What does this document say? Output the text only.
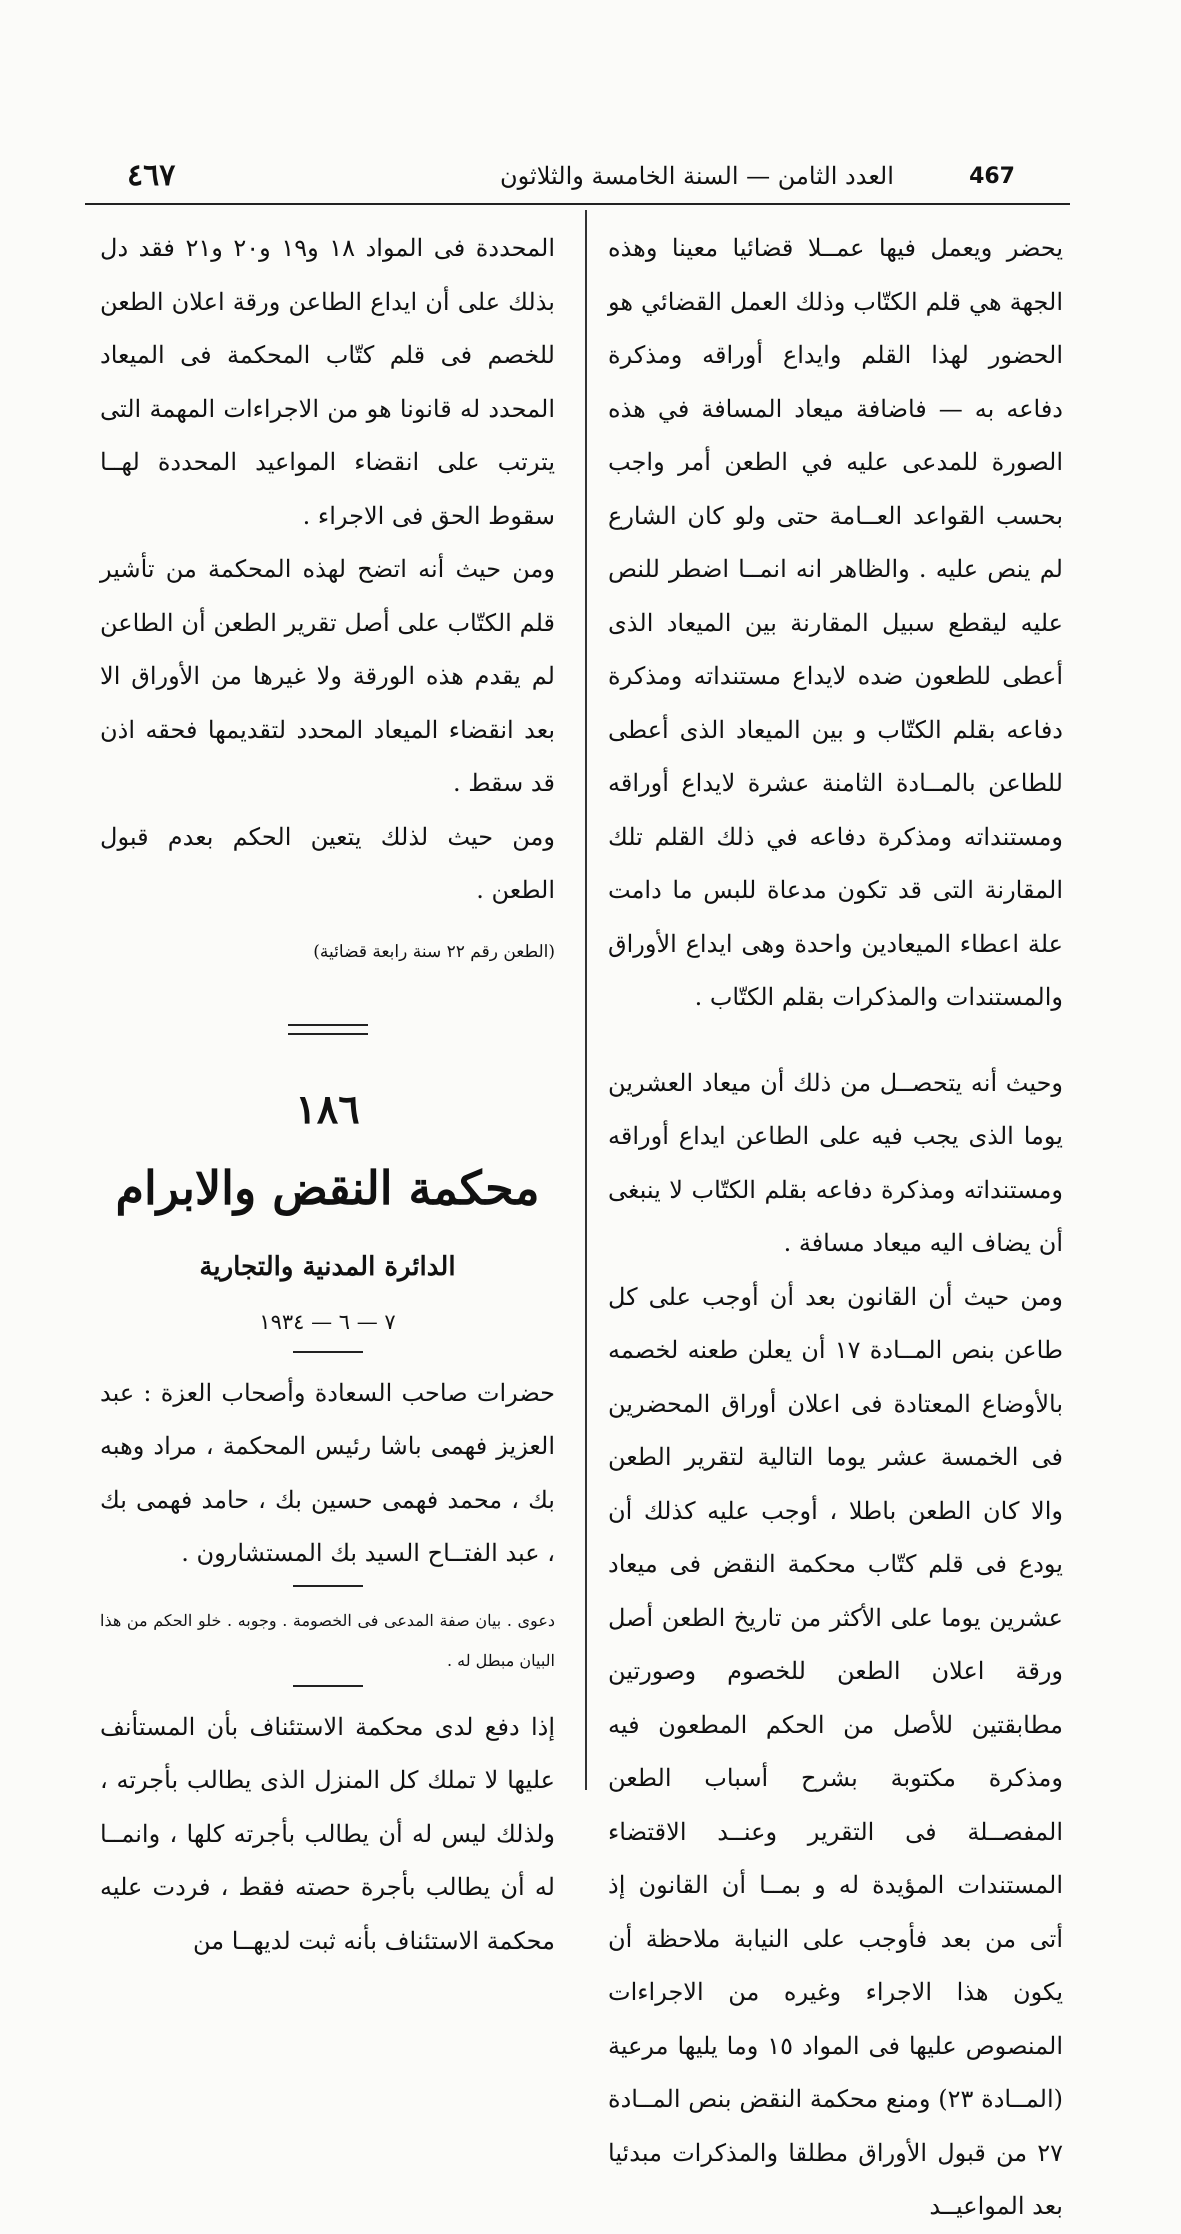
٤٦٧	العدد الثامن — السنة الخامسة والثلاثون	467

يحضر ويعمل فيها عمــلا قضائيا معينا وهذه الجهة هي قلم الكتّاب وذلك العمل القضائي هو الحضور لهذا القلم وايداع أوراقه ومذكرة دفاعه به — فاضافة ميعاد المسافة في هذه الصورة للمدعى عليه في الطعن أمر واجب بحسب القواعد العــامة حتى ولو كان الشارع لم ينص عليه . والظاهر انه انمــا اضطر للنص عليه ليقطع سبيل المقارنة بين الميعاد الذى أعطى للطعون ضده لايداع مستنداته ومذكرة دفاعه بقلم الكتّاب و بين الميعاد الذى أعطى للطاعن بالمــادة الثامنة عشرة لايداع أوراقه ومستنداته ومذكرة دفاعه في ذلك القلم تلك المقارنة التى قد تكون مدعاة للبس ما دامت علة اعطاء الميعادين واحدة وهى ايداع الأوراق والمستندات والمذكرات بقلم الكتّاب .

وحيث أنه يتحصــل من ذلك أن ميعاد العشرين يوما الذى يجب فيه على الطاعن ايداع أوراقه ومستنداته ومذكرة دفاعه بقلم الكتّاب لا ينبغى أن يضاف اليه ميعاد مسافة .

ومن حيث أن القانون بعد أن أوجب على كل طاعن بنص المــادة ١٧ أن يعلن طعنه لخصمه بالأوضاع المعتادة فى اعلان أوراق المحضرين فى الخمسة عشر يوما التالية لتقرير الطعن والا كان الطعن باطلا ، أوجب عليه كذلك أن يودع فى قلم كتّاب محكمة النقض فى ميعاد عشرين يوما على الأكثر من تاريخ الطعن أصل ورقة اعلان الطعن للخصوم وصورتين مطابقتين للأصل من الحكم المطعون فيه ومذكرة مكتوبة بشرح أسباب الطعن المفصــلة فى التقرير وعنــد الاقتضاء المستندات المؤيدة له و بمــا أن القانون إذ أتى من بعد فأوجب على النيابة ملاحظة أن يكون هذا الاجراء وغيره من الاجراءات المنصوص عليها فى المواد ١٥ وما يليها مرعية (المــادة ٢٣) ومنع محكمة النقض بنص المــادة ٢٧ من قبول الأوراق مطلقا والمذكرات مبدئيا بعد المواعيــد

المحددة فى المواد ١٨ و١٩ و٢٠ و٢١ فقد دل بذلك على أن ايداع الطاعن ورقة اعلان الطعن للخصم فى قلم كتّاب المحكمة فى الميعاد المحدد له قانونا هو من الاجراءات المهمة التى يترتب على انقضاء المواعيد المحددة لهــا سقوط الحق فى الاجراء .

ومن حيث أنه اتضح لهذه المحكمة من تأشير قلم الكتّاب على أصل تقرير الطعن أن الطاعن لم يقدم هذه الورقة ولا غيرها من الأوراق الا بعد انقضاء الميعاد المحدد لتقديمها فحقه اذن قد سقط .

ومن حيث لذلك يتعين الحكم بعدم قبول الطعن .

(الطعن رقم ٢٢ سنة رابعة قضائية)

١٨٦
محكمة النقض والابرام
الدائرة المدنية والتجارية
٧ — ٦ — ١٩٣٤

حضرات صاحب السعادة وأصحاب العزة : عبد العزيز فهمى باشا رئيس المحكمة ، مراد وهبه بك ، محمد فهمى حسين بك ، حامد فهمى بك ، عبد الفتــاح السيد بك المستشارون .

دعوى . بيان صفة المدعى فى الخصومة . وجوبه . خلو الحكم من هذا البيان مبطل له .

إذا دفع لدى محكمة الاستئناف بأن المستأنف عليها لا تملك كل المنزل الذى يطالب بأجرته ، ولذلك ليس له أن يطالب بأجرته كلها ، وانمــا له أن يطالب بأجرة حصته فقط ، فردت عليه محكمة الاستئناف بأنه ثبت لديهــا من
